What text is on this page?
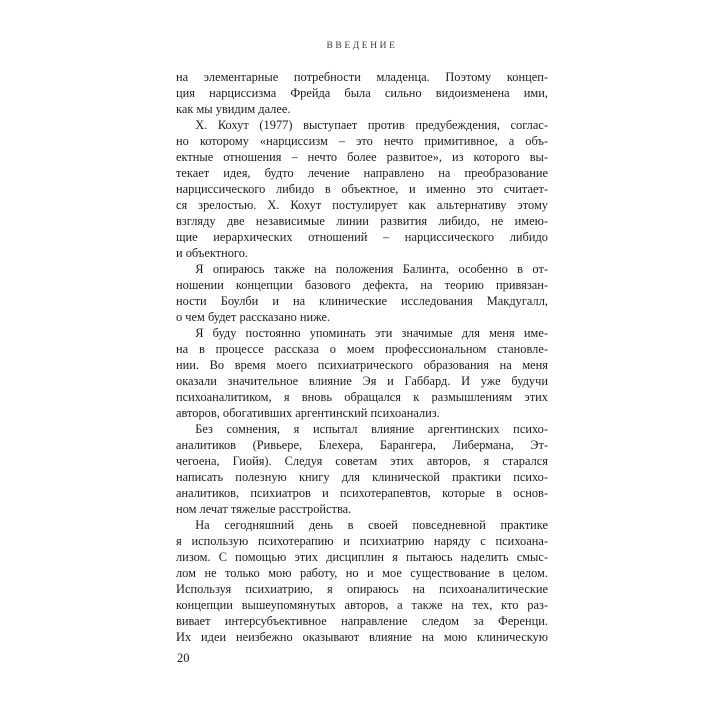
ВВЕДЕНИЕ
на элементарные потребности младенца. Поэтому концеп-
ция нарциссизма Фрейда была сильно видоизменена ими,
как мы увидим далее.
Х. Кохут (1977) выступает против предубеждения, соглас-
но которому «нарциссизм – это нечто примитивное, а объ-
ектные отношения – нечто более развитое», из которого вы-
текает идея, будто лечение направлено на преобразование
нарциссического либидо в объектное, и именно это считает-
ся зрелостью. Х. Кохут постулирует как альтернативу этому
взгляду две независимые линии развития либидо, не имею-
щие иерархических отношений – нарциссического либидо
и объектного.
Я опираюсь также на положения Балинта, особенно в от-
ношении концепции базового дефекта, на теорию привязан-
ности Боулби и на клинические исследования Макдугалл,
о чем будет рассказано ниже.
Я буду постоянно упоминать эти значимые для меня име-
на в процессе рассказа о моем профессиональном становле-
нии. Во время моего психиатрического образования на меня
оказали значительное влияние Эя и Габбард. И уже будучи
психоаналитиком, я вновь обращался к размышлениям этих
авторов, обогативших аргентинский психоанализ.
Без сомнения, я испытал влияние аргентинских психо-
аналитиков (Ривьере, Блехера, Барангера, Либермана, Эт-
чегоена, Гиойя). Следуя советам этих авторов, я старался
написать полезную книгу для клинической практики психо-
аналитиков, психиатров и психотерапевтов, которые в основ-
ном лечат тяжелые расстройства.
На сегодняшний день в своей повседневной практике
я использую психотерапию и психиатрию наряду с психоана-
лизом. С помощью этих дисциплин я пытаюсь наделить смыс-
лом не только мою работу, но и мое существование в целом.
Используя психиатрию, я опираюсь на психоаналитические
концепции вышеупомянутых авторов, а также на тех, кто раз-
вивает интерсубъективное направление следом за Ференци.
Их идеи неизбежно оказывают влияние на мою клиническую
20
